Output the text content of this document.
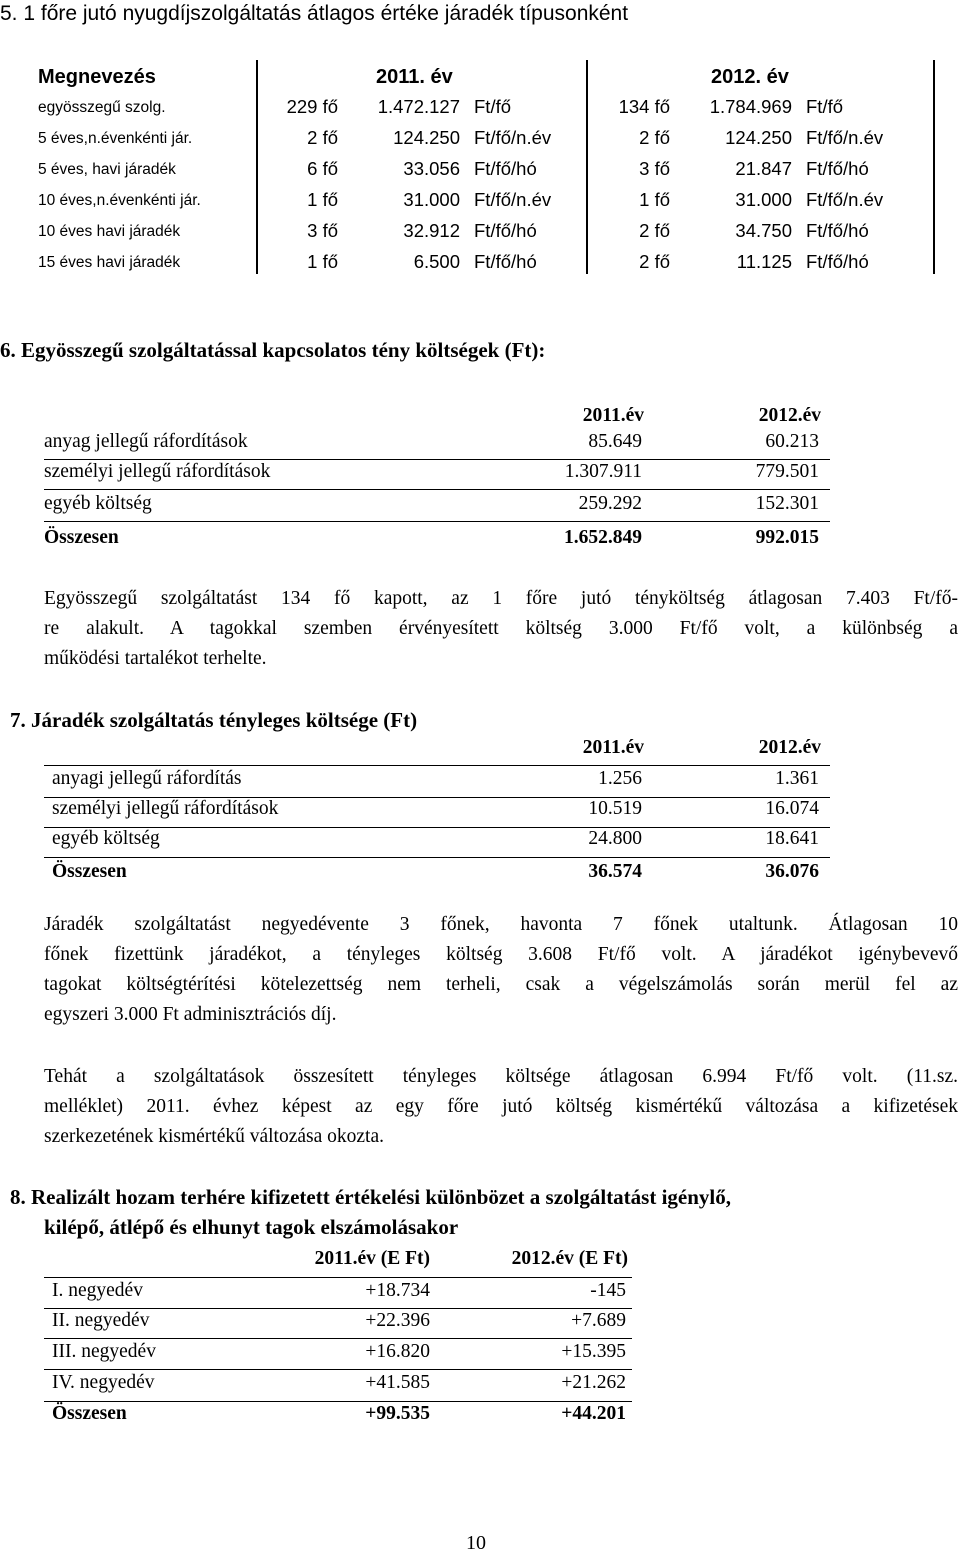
5. 1 főre jutó nyugdíjszolgáltatás átlagos értéke járadék típusonként
Megnevezés	2011. év	2012. év
egyösszegű szolg.	229 fő 1.472.127 Ft/fő	134 fő 1.784.969 Ft/fő
5 éves,n.évenkénti jár.	2 fő	124.250 Ft/fő/n.év	2 fő	124.250 Ft/fő/n.év
5 éves, havi járadék	6 fő	33.056 Ft/fő/hó	3 fő	21.847 Ft/fő/hó
10 éves,n.évenkénti jár.	1 fő	31.000 Ft/fő/n.év	1 fő	31.000 Ft/fő/n.év
10 éves havi járadék	3 fő	32.912 Ft/fő/hó	2 fő	34.750 Ft/fő/hó
15 éves havi járadék	1 fő	6.500 Ft/fő/hó	2 fő	11.125 Ft/fő/hó
6. Egyösszegű szolgáltatással kapcsolatos tény költségek (Ft):
2011.év	2012.év
anyag jellegű ráfordítások	85.649	60.213
személyi jellegű ráfordítások	1.307.911	779.501
egyéb költség	259.292	152.301
Összesen	1.652.849	992.015
Egyösszegű szolgáltatást 134 fő kapott, az 1 főre jutó tényköltség átlagosan 7.403 Ft/fő-
re alakult. A tagokkal szemben érvényesített költség 3.000 Ft/fő volt, a különbség a
működési tartalékot terhelte.
7. Járadék szolgáltatás tényleges költsége (Ft)
2011.év	2012.év
anyagi jellegű ráfordítás	1.256	1.361
személyi jellegű ráfordítások	10.519	16.074
egyéb költség	24.800	18.641
Összesen	36.574	36.076
Járadék szolgáltatást negyedévente 3 főnek, havonta 7 főnek utaltunk. Átlagosan 10
főnek fizettünk járadékot, a tényleges költség 3.608 Ft/fő volt. A járadékot igénybevevő
tagokat költségtérítési kötelezettség nem terheli, csak a végelszámolás során merül fel az
egyszeri 3.000 Ft adminisztrációs díj.
Tehát a szolgáltatások összesített tényleges költsége átlagosan 6.994 Ft/fő volt. (11.sz.
melléklet) 2011. évhez képest az egy főre jutó költség kismértékű változása a kifizetések
szerkezetének kismértékű változása okozta.
8. Realizált hozam terhére kifizetett értékelési különbözet a szolgáltatást igénylő,
kilépő, átlépő és elhunyt tagok elszámolásakor
2011.év (E Ft)	2012.év (E Ft)
I. negyedév	+18.734	-145
II. negyedév	+22.396	+7.689
III. negyedév	+16.820	+15.395
IV. negyedév	+41.585	+21.262
Összesen	+99.535	+44.201
10
